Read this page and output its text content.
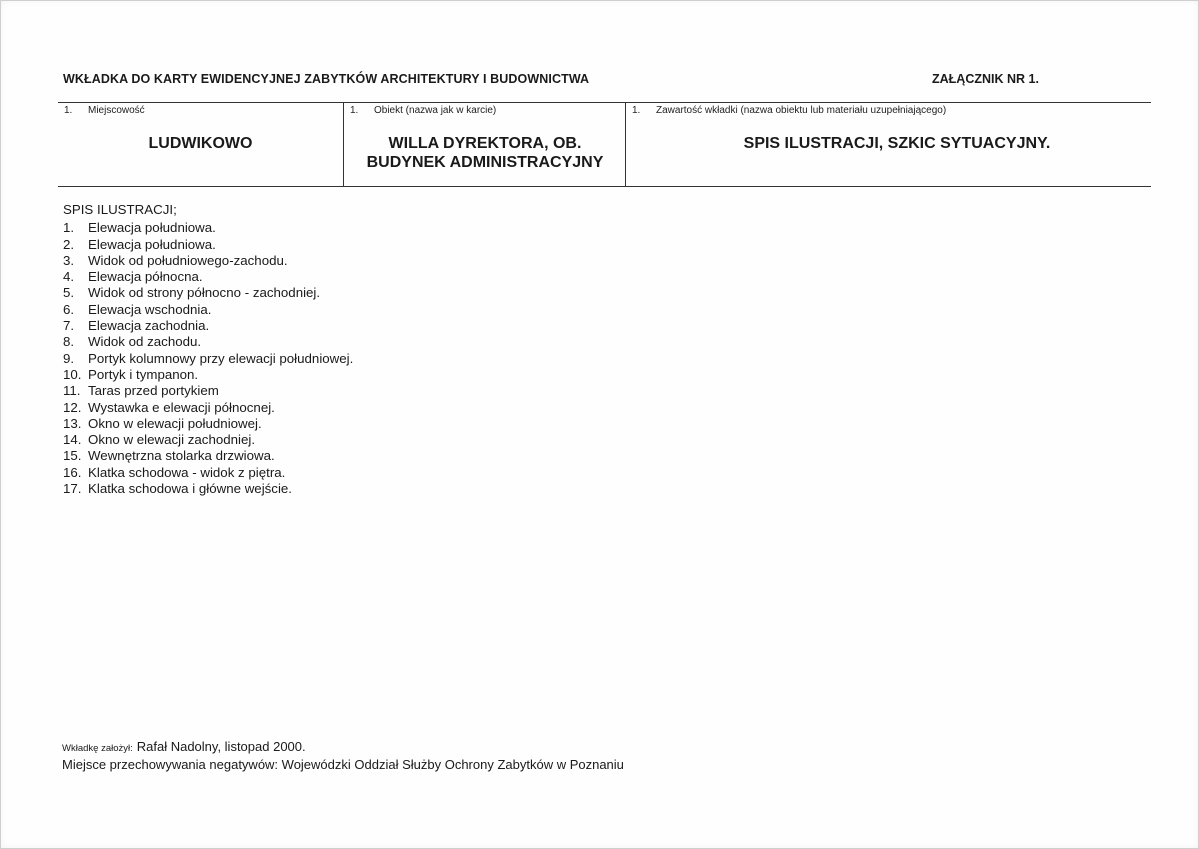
WKŁADKA DO KARTY EWIDENCYJNEJ ZABYTKÓW ARCHITEKTURY I BUDOWNICTWA	ZAŁĄCZNIK NR 1.
1. Miejscowość
LUDWIKOWO
1. Obiekt (nazwa jak w karcie)
WILLA DYREKTORA, OB.
BUDYNEK ADMINISTRACYJNY
1. Zawartość wkładki (nazwa obiektu lub materiału uzupełniającego)
SPIS ILUSTRACJI, SZKIC SYTUACYJNY.
SPIS ILUSTRACJI;
1. Elewacja południowa.
2. Elewacja południowa.
3. Widok od południowego-zachodu.
4. Elewacja północna.
5. Widok od strony północno - zachodniej.
6. Elewacja wschodnia.
7. Elewacja zachodnia.
8. Widok od zachodu.
9. Portyk kolumnowy przy elewacji południowej.
10. Portyk i tympanon.
11. Taras przed portykiem
12. Wystawka e elewacji północnej.
13. Okno w elewacji południowej.
14. Okno w elewacji zachodniej.
15. Wewnętrzna stolarka drzwiowa.
16. Klatka schodowa - widok z piętra.
17. Klatka schodowa i główne wejście.
Wkładkę założył: Rafał Nadolny, listopad 2000.
Miejsce przechowywania negatywów: Wojewódzki Oddział Służby Ochrony Zabytków w Poznaniu
